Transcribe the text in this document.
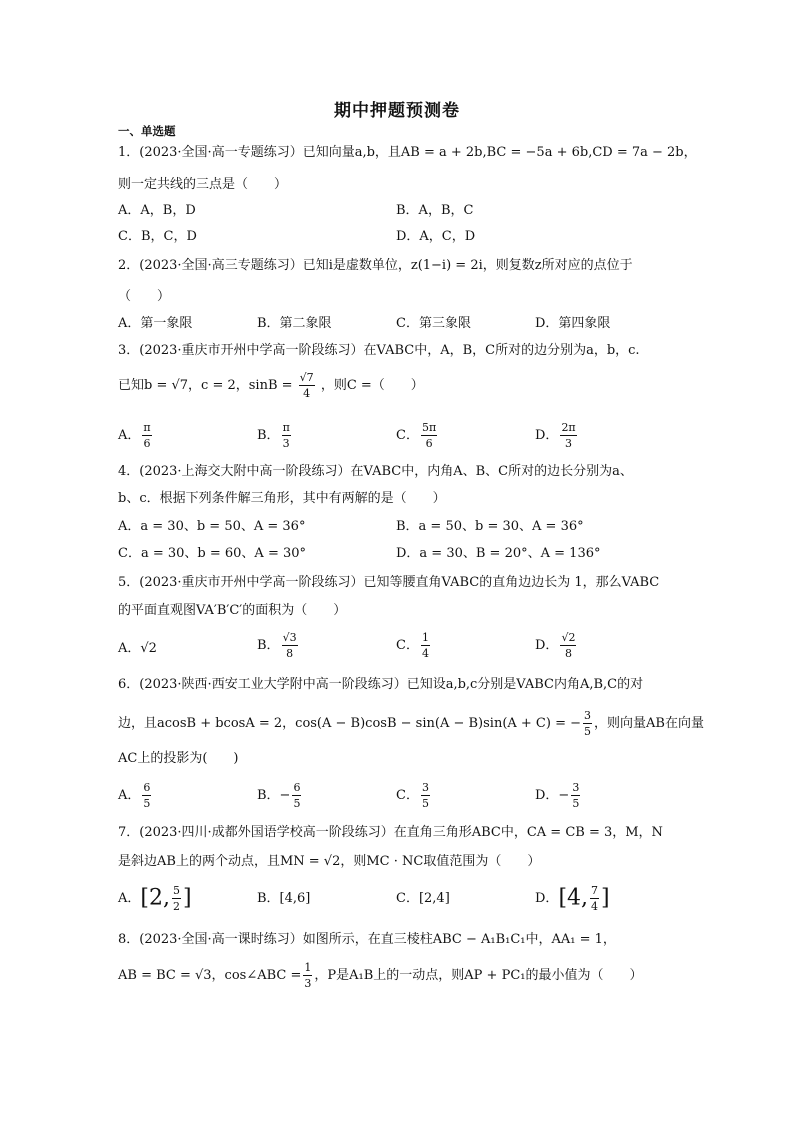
期中押题预测卷
一、单选题
1．(2023·全国·高一专题练习）已知向量a,b，且AB = a + 2b,BC = −5a + 6b,CD = 7a − 2b，
则一定共线的三点是（　　）
A．A，B，D	B．A，B，C
C．B，C，D	D．A，C，D
2．(2023·全国·高三专题练习）已知i是虚数单位，z(1−i) = 2i，则复数z所对应的点位于
（　　）
A．第一象限	B．第二象限	C．第三象限	D．第四象限
3．(2023·重庆市开州中学高一阶段练习）在VABC中，A，B，C所对的边分别为a，b，c.
已知b = √7，c = 2，$\sin B = \frac{√7}{4}$ ，则C =（　　）
A． $\frac{\pi}{6}$	B． $\frac{\pi}{3}$	C． $\frac{5\pi}{6}$	D． $\frac{2\pi}{3}$
4．(2023·上海交大附中高一阶段练习）在VABC中，内角A、B、C所对的边长分别为a、
b、c．根据下列条件解三角形，其中有两解的是（　　）
A．a = 30、b = 50、A = 36°	B．a = 50、b = 30、A = 36°
C．a = 30、b = 60、A = 30°	D．a = 30、B = 20°、A = 136°
5．(2023·重庆市开州中学高一阶段练习）已知等腰直角VABC的直角边边长为 1，那么VABC
的平面直观图VA′B′C′的面积为（　　）
A．√2	B． $\frac{√3}{8}$	C． $\frac{1}{4}$	D． $\frac{√2}{8}$
6．(2023·陕西·西安工业大学附中高一阶段练习）已知设a,b,c分别是VABC内角A,B,C的对
边，且acosB + bcosA = 2，cos(A − B)cosB − sin(A − B)sin(A + C) = − $\frac{3}{5}$ ，则向量AB在向量
AC上的投影为(　　)
A． $\frac{6}{5}$	B．− $\frac{6}{5}$	C． $\frac{3}{5}$	D．− $\frac{3}{5}$
7．(2023·四川·成都外国语学校高一阶段练习）在直角三角形ABC中，CA = CB = 3，M，N
是斜边AB上的两个动点，且MN = √2，则MC · NC取值范围为（　　）
A．[2, $\frac{5}{2}$ ]	B．[4,6]	C．[2,4]	D．[4, $\frac{7}{4}$ ]
8．(2023·全国·高一课时练习）如图所示，在直三棱柱ABC − A₁B₁C₁中，AA₁ = 1，
AB = BC = √3，cos∠ABC = $\frac{1}{3}$ ，P是A₁B上的一动点，则AP + PC₁的最小值为（　　）
